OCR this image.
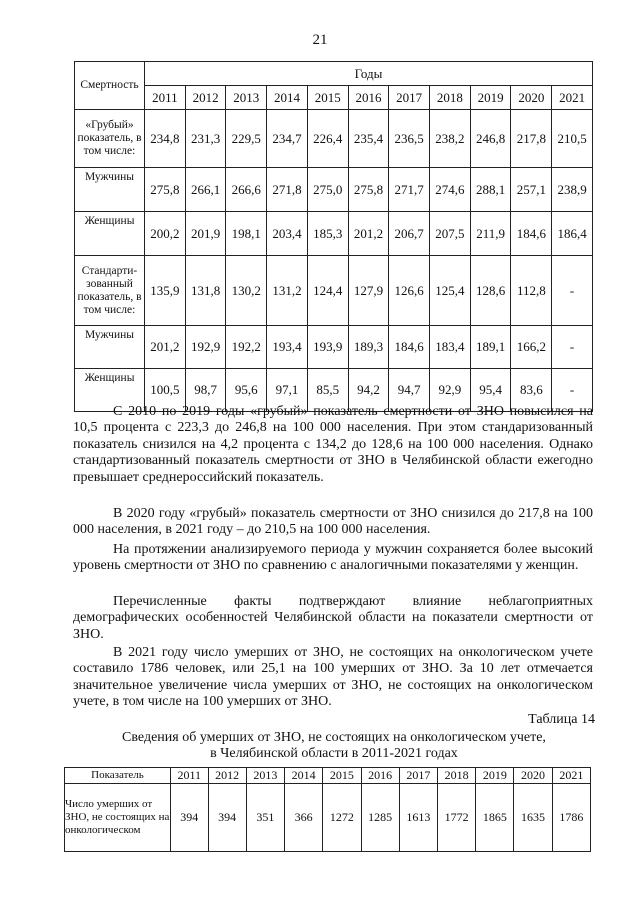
21
Смертность	Годы										
	2011	2012	2013	2014	2015	2016	2017	2018	2019	2020	2021
«Грубый» показатель, в том числе:	234,8	231,3	229,5	234,7	226,4	235,4	236,5	238,2	246,8	217,8	210,5
Мужчины	275,8	266,1	266,6	271,8	275,0	275,8	271,7	274,6	288,1	257,1	238,9
Женщины	200,2	201,9	198,1	203,4	185,3	201,2	206,7	207,5	211,9	184,6	186,4
Стандарти-зованный показатель, в том числе:	135,9	131,8	130,2	131,2	124,4	127,9	126,6	125,4	128,6	112,8	-
Мужчины	201,2	192,9	192,2	193,4	193,9	189,3	184,6	183,4	189,1	166,2	-
Женщины	100,5	98,7	95,6	97,1	85,5	94,2	94,7	92,9	95,4	83,6	-

С 2010 по 2019 годы «грубый» показатель смертности от ЗНО повысился на 10,5 процента с 223,3 до 246,8 на 100 000 населения. При этом стандаризованный показатель снизился на 4,2 процента с 134,2 до 128,6 на 100 000 населения. Однако стандартизованный показатель смертности от ЗНО в Челябинской области ежегодно превышает среднероссийский показатель.

В 2020 году «грубый» показатель смертности от ЗНО снизился до 217,8 на 100 000 населения, в 2021 году – до 210,5 на 100 000 населения.

На протяжении анализируемого периода у мужчин сохраняется более высокий уровень смертности от ЗНО по сравнению с аналогичными показателями у женщин.

Перечисленные факты подтверждают влияние неблагоприятных демографических особенностей Челябинской области на показатели смертности от ЗНО.

В 2021 году число умерших от ЗНО, не состоящих на онкологическом учете составило 1786 человек, или 25,1 на 100 умерших от ЗНО. За 10 лет отмечается значительное увеличение числа умерших от ЗНО, не состоящих на онкологическом учете, в том числе на 100 умерших от ЗНО.

Таблица 14
Сведения об умерших от ЗНО, не состоящих на онкологическом учете,
в Челябинской области в 2011-2021 годах
Показатель	2011	2012	2013	2014	2015	2016	2017	2018	2019	2020	2021
Число умерших от ЗНО, не состоящих на онкологическом	394	394	351	366	1272	1285	1613	1772	1865	1635	1786
